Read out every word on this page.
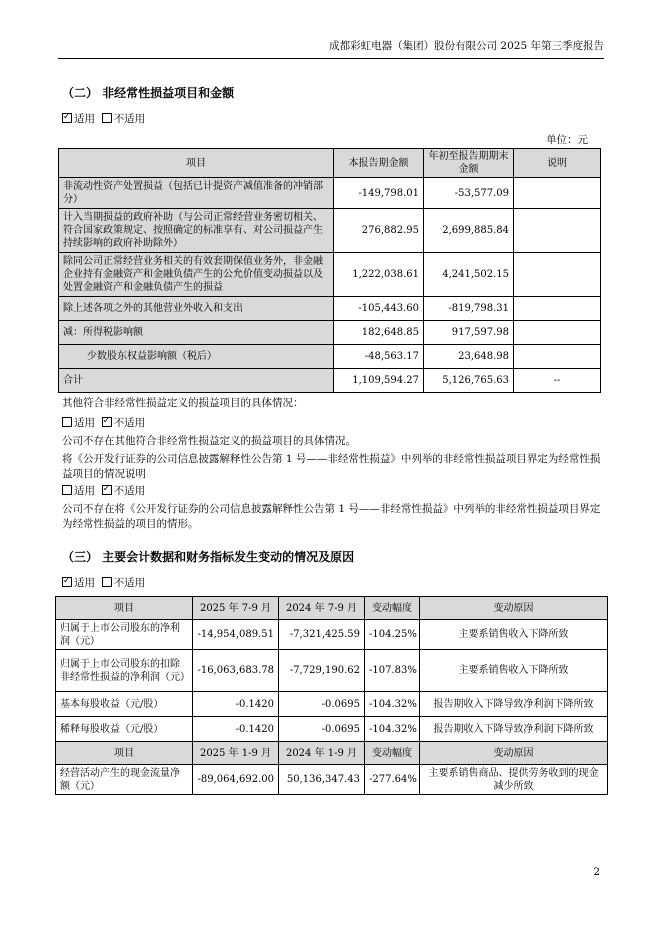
成都彩虹电器（集团）股份有限公司 2025 年第三季度报告
（二） 非经常性损益项目和金额
✓适用 不适用
单位：元
项目	本报告期金额	年初至报告期期末金额	说明
非流动性资产处置损益（包括已计提资产减值准备的冲销部分）	-149,798.01	-53,577.09	
计入当期损益的政府补助（与公司正常经营业务密切相关、符合国家政策规定、按照确定的标准享有、对公司损益产生持续影响的政府补助除外）	276,882.95	2,699,885.84	
除同公司正常经营业务相关的有效套期保值业务外，非金融企业持有金融资产和金融负债产生的公允价值变动损益以及处置金融资产和金融负债产生的损益	1,222,038.61	4,241,502.15	
除上述各项之外的其他营业外收入和支出	-105,443.60	-819,798.31	
减：所得税影响额	182,648.85	917,597.98	
少数股东权益影响额（税后）	-48,563.17	23,648.98	
合计	1,109,594.27	5,126,765.63	--
其他符合非经常性损益定义的损益项目的具体情况：
适用 ✓ 不适用
公司不存在其他符合非经常性损益定义的损益项目的具体情况。
将《公开发行证券的公司信息披露解释性公告第 1 号——非经常性损益》中列举的非经常性损益项目界定为经常性损益项目的情况说明
适用 ✓ 不适用
公司不存在将《公开发行证券的公司信息披露解释性公告第 1 号——非经常性损益》中列举的非经常性损益项目界定为经常性损益的项目的情形。
（三） 主要会计数据和财务指标发生变动的情况及原因
✓适用 不适用
项目	2025 年 7-9 月	2024 年 7-9 月	变动幅度	变动原因
归属于上市公司股东的净利润（元）	-14,954,089.51	-7,321,425.59	-104.25%	主要系销售收入下降所致
归属于上市公司股东的扣除非经常性损益的净利润（元）	-16,063,683.78	-7,729,190.62	-107.83%	主要系销售收入下降所致
基本每股收益（元/股）	-0.1420	-0.0695	-104.32%	报告期收入下降导致净利润下降所致
稀释每股收益（元/股）	-0.1420	-0.0695	-104.32%	报告期收入下降导致净利润下降所致
项目	2025 年 1-9 月	2024 年 1-9 月	变动幅度	变动原因
经营活动产生的现金流量净额（元）	-89,064,692.00	50,136,347.43	-277.64%	主要系销售商品、提供劳务收到的现金减少所致
2
